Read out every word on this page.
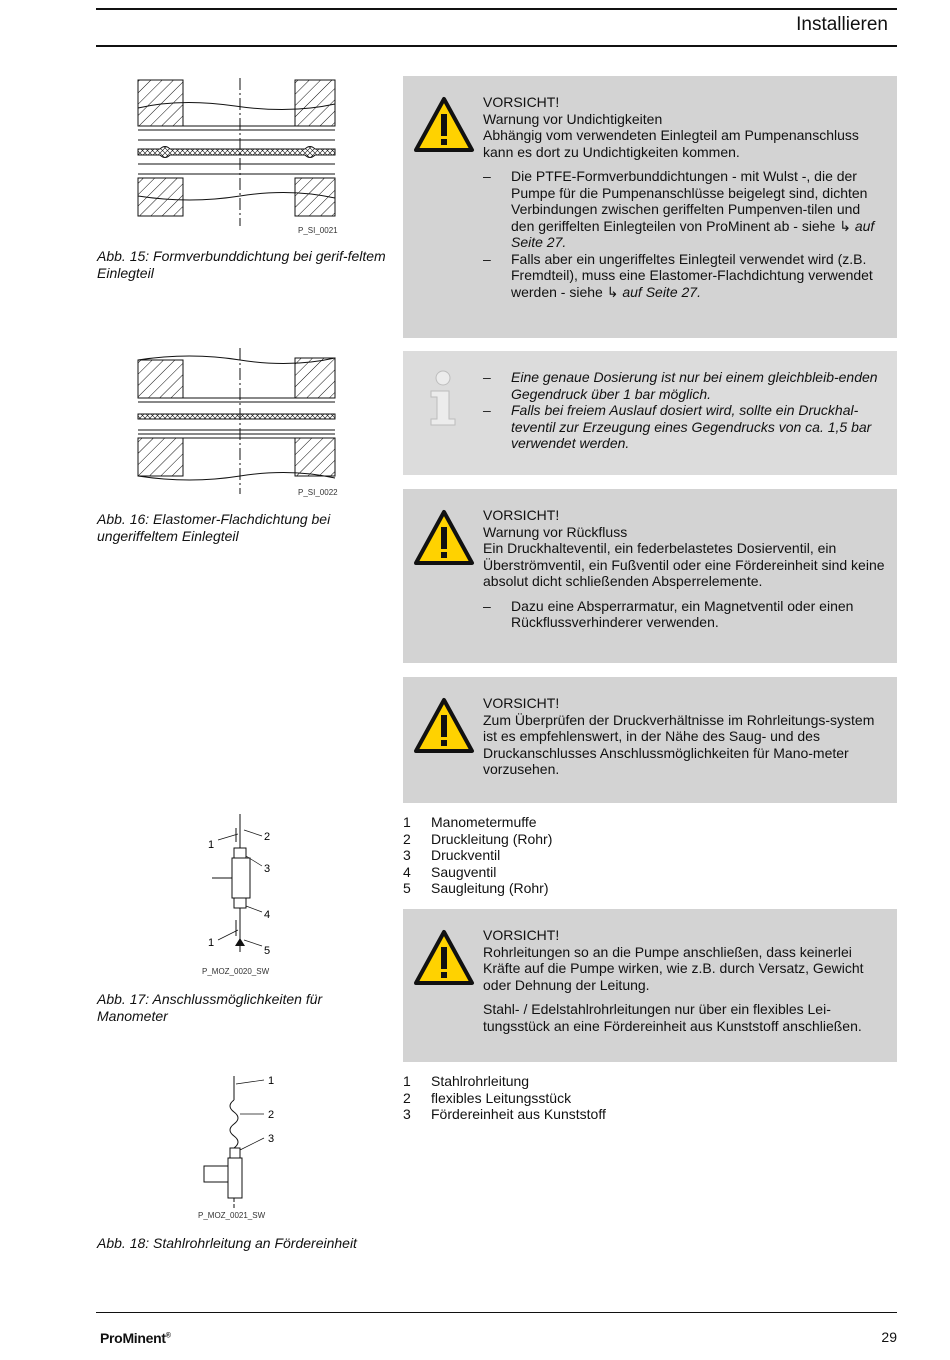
Installieren
P_SI_0021
Abb. 15: Formverbunddichtung bei gerif-feltem Einlegteil

VORSICHT!

Warnung vor Undichtigkeiten

Abhängig vom verwendeten Einlegteil am Pumpenanschluss kann es dort zu Undichtigkeiten kommen.

–	Die PTFE-Formverbunddichtungen - mit Wulst -, die der Pumpe für die Pumpenanschlüsse beigelegt sind, dichten Verbindungen zwischen geriffelten Pumpenven-tilen und den geriffelten Einlegteilen von ProMinent ab - siehe ↳ auf Seite 27.
–	Falls aber ein ungeriffeltes Einlegteil verwendet wird (z.B. Fremdteil), muss eine Elastomer-Flachdichtung verwendet werden - siehe ↳ auf Seite 27.
P_SI_0022
Abb. 16: Elastomer-Flachdichtung bei ungeriffeltem Einlegteil
–	Eine genaue Dosierung ist nur bei einem gleichbleib-enden Gegendruck über 1 bar möglich.
–	Falls bei freiem Auslauf dosiert wird, sollte ein Druckhal-teventil zur Erzeugung eines Gegendrucks von ca. 1,5 bar verwendet werden.

VORSICHT!

Warnung vor Rückfluss

Ein Druckhalteventil, ein federbelastetes Dosierventil, ein Überströmventil, ein Fußventil oder eine Fördereinheit sind keine absolut dicht schließenden Absperrelemente.

–	Dazu eine Absperrarmatur, ein Magnetventil oder einen Rückflussverhinderer verwenden.

VORSICHT!

Zum Überprüfen der Druckverhältnisse im Rohrleitungs-system ist es empfehlenswert, in der Nähe des Saug- und des Druckanschlusses Anschlussmöglichkeiten für Mano-meter vorzusehen.

1
2
3
4
1
5
P_MOZ_0020_SW
Abb. 17: Anschlussmöglichkeiten für Manometer
1	Manometermuffe
2	Druckleitung (Rohr)
3	Druckventil
4	Saugventil
5	Saugleitung (Rohr)

VORSICHT!

Rohrleitungen so an die Pumpe anschließen, dass keinerlei Kräfte auf die Pumpe wirken, wie z.B. durch Versatz, Gewicht oder Dehnung der Leitung.

Stahl- / Edelstahlrohrleitungen nur über ein flexibles Lei-tungsstück an eine Fördereinheit aus Kunststoff anschließen.

1
2
3
P_MOZ_0021_SW
Abb. 18: Stahlrohrleitung an Fördereinheit
1	Stahlrohrleitung
2	flexibles Leitungsstück
3	Fördereinheit aus Kunststoff
ProMinent®	29
